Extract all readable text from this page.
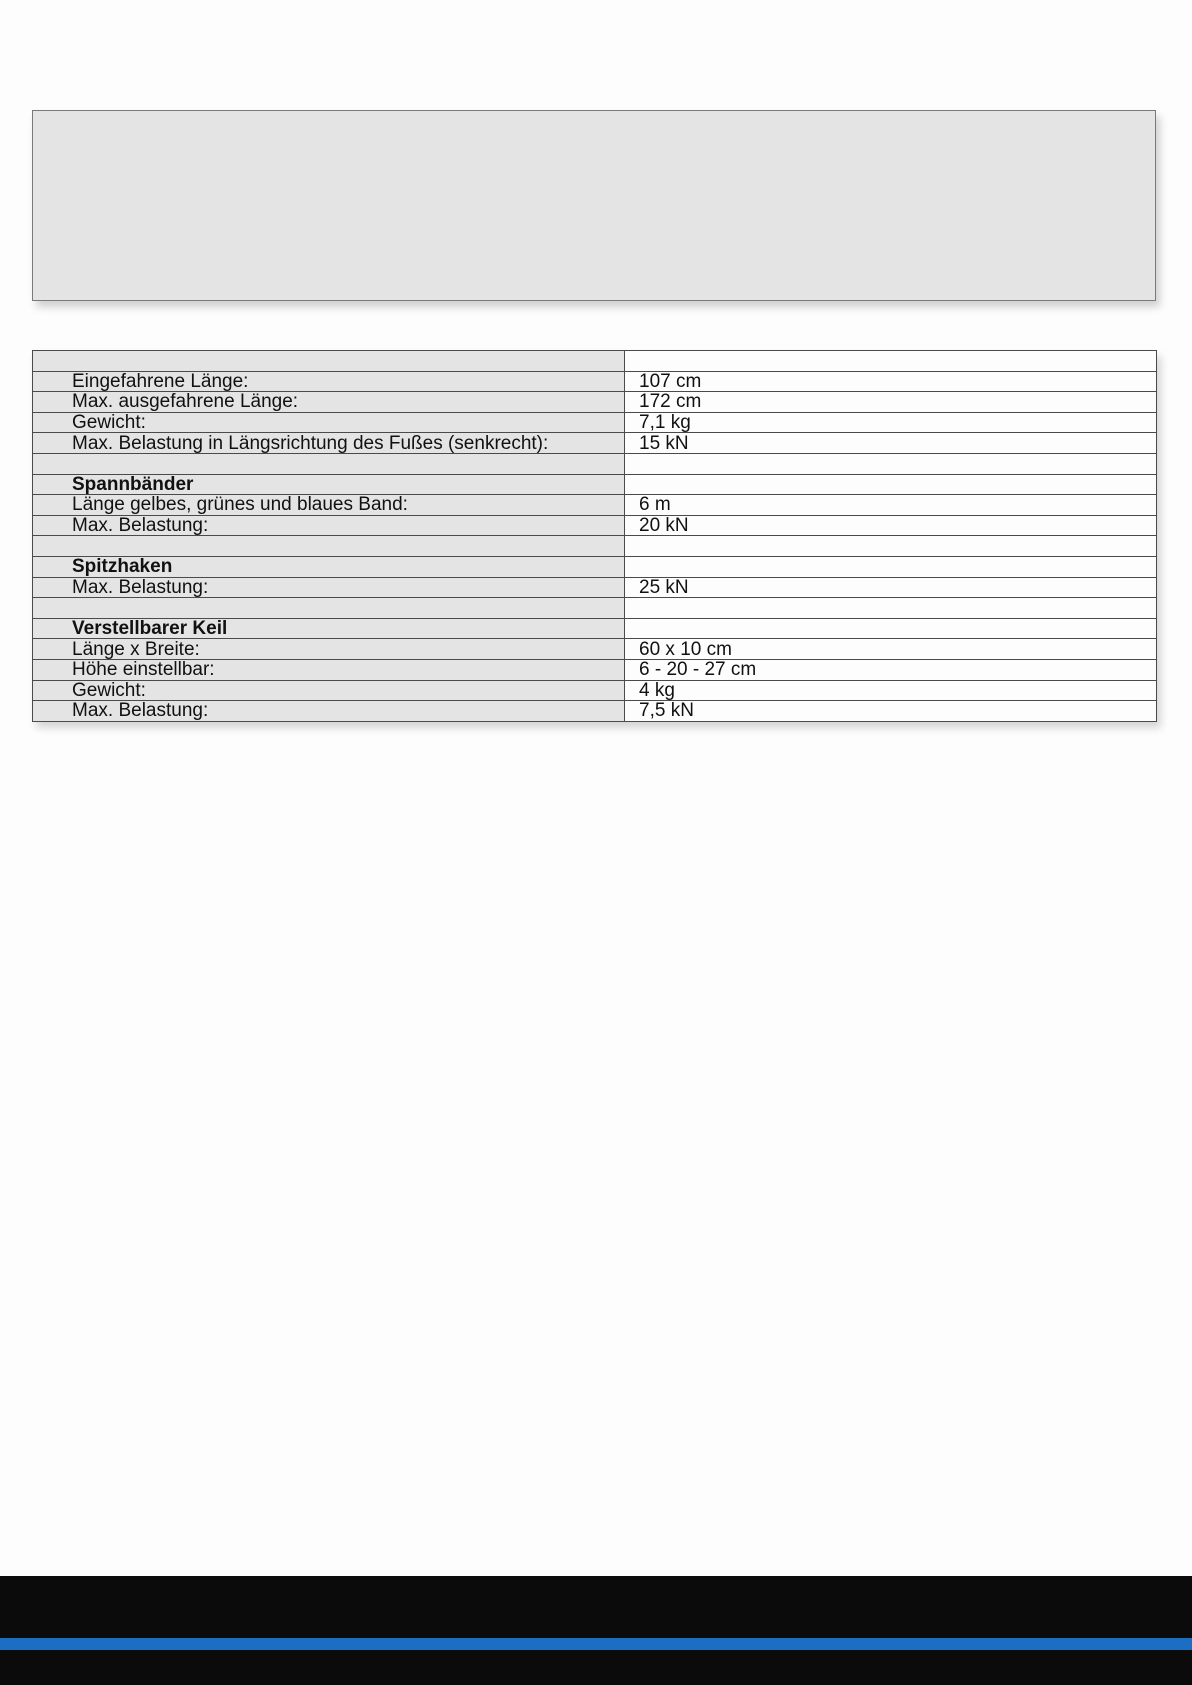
Eingefahrene Länge:	107 cm
Max. ausgefahrene Länge:	172 cm
Gewicht:	7,1 kg
Max. Belastung in Längsrichtung des Fußes (senkrecht):	15 kN

Spannbänder	
Länge gelbes, grünes und blaues Band:	6 m
Max. Belastung:	20 kN

Spitzhaken	
Max. Belastung:	25 kN

Verstellbarer Keil	
Länge x Breite:	60 x 10 cm
Höhe einstellbar:	6 - 20 - 27 cm
Gewicht:	4 kg
Max. Belastung:	7,5 kN
